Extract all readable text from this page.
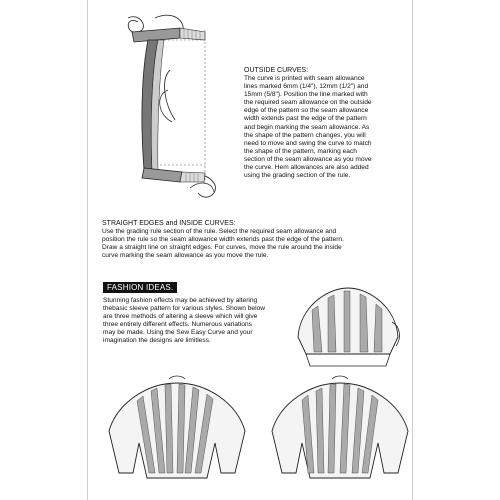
OUTSIDE CURVES:
The curve is printed with seam allowance
lines marked 6mm (1/4"), 12mm (1/2") and
15mm (5/8"). Position the line marked with
the required seam allowance on the outside
edge of the pattern so the seam allowance
width extends past the edge of the pattern
and begin marking the seam allowance. As
the shape of the pattern changes, you will
need to move and swing the curve to match
the shape of the pattern, marking each
section of the seam allowance as you move
the curve. Hem allowances are also added
using the grading section of the rule.
STRAIGHT EDGES and INSIDE CURVES:
Use the grading rule section of the rule. Select the required seam allowance and
position the rule so the seam allowance width extends past the edge of the pattern.
Draw a straight line on straight edges. For curves, move the rule around the inside
curve marking the seam allowance as you move the rule.
FASHION IDEAS.
Stunning fashion effects may be achieved by altering
thebasic sleeve pattern for various styles. Shown below
are three methods of altering a sleeve which will give
three entirely different effects. Numerous variations
may be made. Using the Sew Easy Curve and your
imagination the designs are limitless.
